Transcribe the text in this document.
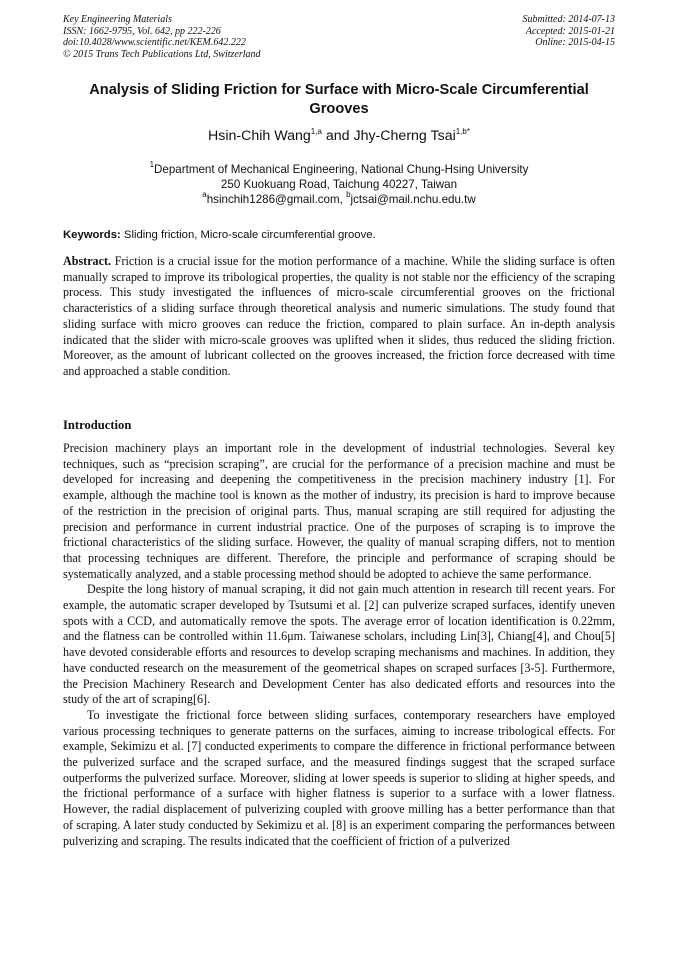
Key Engineering Materials
ISSN: 1662-9795, Vol. 642, pp 222-226
doi:10.4028/www.scientific.net/KEM.642.222
© 2015 Trans Tech Publications Ltd, Switzerland
Submitted: 2014-07-13
Accepted: 2015-01-21
Online: 2015-04-15
Analysis of Sliding Friction for Surface with Micro-Scale Circumferential Grooves
Hsin-Chih Wang$^{1,a}$ and Jhy-Cherng Tsai$^{1,b*}$
$^1$Department of Mechanical Engineering, National Chung-Hsing University
250 Kuokuang Road, Taichung 40227, Taiwan
$^a$hsinchih1286@gmail.com, $^b$jctsai@mail.nchu.edu.tw
Keywords: Sliding friction, Micro-scale circumferential groove.
Abstract. Friction is a crucial issue for the motion performance of a machine. While the sliding surface is often manually scraped to improve its tribological properties, the quality is not stable nor the efficiency of the scraping process. This study investigated the influences of micro-scale circumferential grooves on the frictional characteristics of a sliding surface through theoretical analysis and numeric simulations. The study found that sliding surface with micro grooves can reduce the friction, compared to plain surface. An in-depth analysis indicated that the slider with micro-scale grooves was uplifted when it slides, thus reduced the sliding friction. Moreover, as the amount of lubricant collected on the grooves increased, the friction force decreased with time and approached a stable condition.
Introduction

Precision machinery plays an important role in the development of industrial technologies. Several key techniques, such as “precision scraping”, are crucial for the performance of a precision machine and must be developed for increasing and deepening the competitiveness in the precision machinery industry [1]. For example, although the machine tool is known as the mother of industry, its precision is hard to improve because of the restriction in the precision of original parts. Thus, manual scraping are still required for adjusting the precision and performance in current industrial practice. One of the purposes of scraping is to improve the frictional characteristics of the sliding surface. However, the quality of manual scraping differs, not to mention that processing techniques are different. Therefore, the principle and performance of scraping should be systematically analyzed, and a stable processing method should be adopted to achieve the same performance.

Despite the long history of manual scraping, it did not gain much attention in research till recent years. For example, the automatic scraper developed by Tsutsumi et al. [2] can pulverize scraped surfaces, identify uneven spots with a CCD, and automatically remove the spots. The average error of location identification is 0.22mm, and the flatness can be controlled within 11.6μm. Taiwanese scholars, including Lin[3], Chiang[4], and Chou[5] have devoted considerable efforts and resources to develop scraping mechanisms and machines. In addition, they have conducted research on the measurement of the geometrical shapes on scraped surfaces [3-5]. Furthermore, the Precision Machinery Research and Development Center has also dedicated efforts and resources into the study of the art of scraping[6].

To investigate the frictional force between sliding surfaces, contemporary researchers have employed various processing techniques to generate patterns on the surfaces, aiming to increase tribological effects. For example, Sekimizu et al. [7] conducted experiments to compare the difference in frictional performance between the pulverized surface and the scraped surface, and the measured findings suggest that the scraped surface outperforms the pulverized surface. Moreover, sliding at lower speeds is superior to sliding at higher speeds, and the frictional performance of a surface with higher flatness is superior to a surface with a lower flatness. However, the radial displacement of pulverizing coupled with groove milling has a better performance than that of scraping. A later study conducted by Sekimizu et al. [8] is an experiment comparing the performances between pulverizing and scraping. The results indicated that the coefficient of friction of a pulverized
